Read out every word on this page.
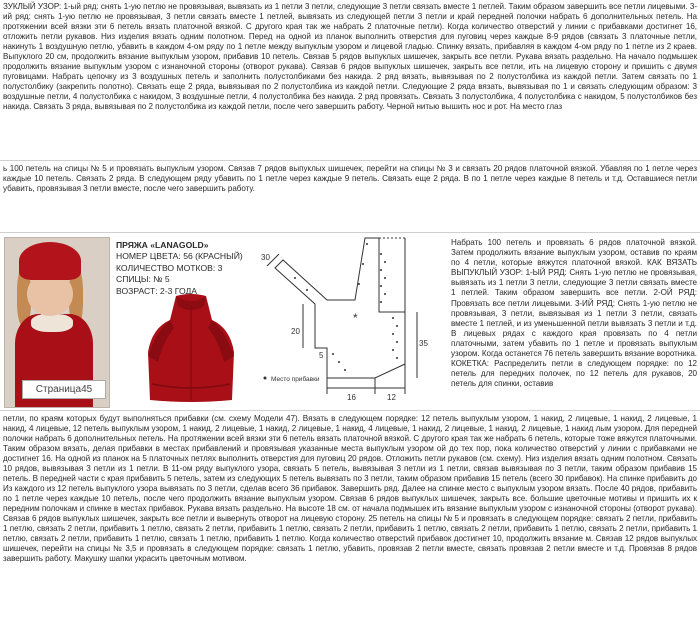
ЗУКЛЫЙ УЗОР: 1-ый ряд: снять 1-ую петлю не провязывая, вывязать из 1 петли 3 петли, следующие 3 петли связать вместе 1 петлей. Таким образом завершить все петли лицевыми. 3-ий ряд: снять 1-ую петлю не провязывая, 3 петли связать вместе 1 петлей, вывязать из следующей петли 3 петли и край передней полочки набрать 6 дополнительных петель. На протяжении всей вязки эти 6 петель вязать платочной вязкой. С другого края так же набрать 2 платочные петли). Когда количество отверстий у линии с прибавками достигнет 16, отложить петли рукавов. Низ изделия вязать одним полотном. Перед на одной из планок выполнить отверстия для пуговиц через каждые 8-9 рядов (связать 3 платочные петли, накинуть 1 воздушную петлю, убавить в каждом 4-ом ряду по 1 петле между выпуклым узором и лицевой гладью. Спинку вязать, прибавляя в каждом 4-ом ряду по 1 петле из 2 краев. Выпуклого 20 см, продолжить вязание выпуклым узором, прибавив 10 петель. Связав 5 рядов выпуклых шишечек, закрыть все петли. Рукава вязать раздельно. На начало подмышек продолжить вязание выпуклым узором с изнаночной стороны (отворот рукава). Связав 6 рядов выпуклых шишечек, закрыть все петли, ить на лицевую сторону и пришить с двумя пуговицами. Набрать цепочку из 3 воздушных петель и заполнить полустолбиками без накида. 2 ряд вязать, вывязывая по 2 полустолбика из каждой петли. Затем связать по 1 полустолбику (закрепить полотно). Связать еще 2 ряда, вывязывая по 2 полустолбика из каждой петли. Следующие 2 ряда вязать, вывязывая по 1 и связать следующим образом: 3 воздушные петли, 4 полустолбика с накидом, 3 воздушные петли, 4 полустолбика без накида. 2 ряд провязать. Связать 3 полустолбика, 4 полустолбика с накидом, 5 полустолбиков без накида. Связать 3 ряда, вывязывая по 2 полустолбика из каждой петли, после чего завершить работу. Черной нитью вышить нос и рот. На место глаз
ь 100 петель на спицы № 5 и провязать выпуклым узором. Связав 7 рядов выпуклых шишечек, перейти на спицы № 3 и связать 20 рядов платочной вязкой. Убавляя по 1 петле через каждые 10 петель. Связать 2 ряда. В следующем ряду убавить по 1 петле через каждые 9 петель. Связать еще 2 ряда. В по 1 петле через каждые 8 петель и т.д. Оставшиеся петли убавить, провязывая 3 петли вместе, после чего завершить работу.
Страница45
ПРЯЖА «LANAGOLD»
НОМЕР ЦВЕТА: 56 (КРАСНЫЙ)
КОЛИЧЕСТВО МОТКОВ: 3
СПИЦЫ: № 5
ВОЗРАСТ: 2-3 ГОДА
*
35
20
5
16	12
30
Место прибавки
Набрать 100 петель и провязать 6 рядов платочной вязкой. Затем продолжить вязание выпуклым узором, оставив по краям по 4 петли, которые вяжутся платочной вязкой. КАК ВЯЗАТЬ ВЫПУКЛЫЙ УЗОР: 1-ЫЙ РЯД: Снять 1-ую петлю не провязывая, вывязать из 1 петли 3 петли, следующие 3 петли связать вместе 1 петлей. Таким образом завершить все петли. 2-ОЙ РЯД: Провязать все петли лицевыми. 3-ИЙ РЯД: Снять 1-ую петлю не провязывая, 3 петли, вывязывая из 1 петли 3 петли, связать вместе 1 петлей, и из уменьшенной петли вывязать 3 петли и т.д. В лицевых рядах с каждого края провязать по 4 петли платочными, затем убавить по 1 петле и провязать выпуклым узором. Когда останется 76 петель завершить вязание воротника. КОКЕТКА: Распределить петли в следующем порядке: по 12 петель для передних полочек, по 12 петель для рукавов, 20 петель для спинки, оставив
петли, по краям которых будут выполняться прибавки (см. схему Модели 47). Вязать в следующем порядке: 12 петель выпуклым узором, 1 накид, 2 лицевые, 1 накид, 2 лицевые, 1 накид, 4 лицевые, 12 петель выпуклым узором, 1 накид, 2 лицевые, 1 накид, 2 лицевые, 1 накид, 4 лицевые, 1 накид, 2 лицевые, 1 накид, 2 лицевые, 1 накид лым узором. Для передней полочки набрать 6 дополнительных петель. На протяжении всей вязки эти 6 петель вязать платочной вязкой. С другого края так же набрать 6 петель, которые тоже вяжутся платочными. Таким образом вязать, делая прибавки в местах прибавлений и провязывая указанные места выпуклым узором ой до тех пор, пока количество отверстий у линии с прибавками не достигнет 16. На одной из планок на 5 платочных петлях выполнить отверстия для пуговиц 20 рядов. Отложить петли рукавов (см. схему). Низ изделия вязать одним полотном. Связать 10 рядов, вывязывая 3 петли из 1 петли. В 11-ом ряду выпуклого узора, связать 5 петель, вывязывая 3 петли из 1 петли, связав вывязывая по 3 петли, таким образом прибавив 15 петель. В передней части с края прибавить 5 петель, затем из следующих 5 петель вывязать по 3 петли, таким образом прибавив 15 петель (всего 30 прибавок). На спинке прибавить до Из каждого из 12 петель выпуклого узора вывязать по 3 петли, сделав всего 36 прибавок. Завершить ряд. Далее на спинке место с выпуклым узором вязать. После 40 рядов, прибавить по 1 петле через каждые 10 петель, после чего продолжить вязание выпуклым узором. Связав 6 рядов выпуклых шишечек, закрыть все. большие цветочные мотивы и пришить их к передним полочкам и спинке в местах прибавок. Рукава вязать раздельно. На высоте 18 см. от начала подмышек ить вязание выпуклым узором с изнаночной стороны (отворот рукава). Связав 6 рядов выпуклых шишечек, закрыть все петли и вывернуть отворот на лицевую сторону. 25 петель на спицы № 5 и провязать в следующем порядке: связать 2 петли, прибавить 1 петлю, связать 2 петли, прибавить 1 петлю, связать 2 петли, прибавить 1 петлю, связать 2 петли, прибавить 1 петлю, связать 2 петли, прибавить 1 петлю, связать 2 петли, прибавить 1 петлю, связать 2 петли, прибавить 1 петлю, связать 1 петлю, прибавить 1 петлю. Когда количество отверстий прибавок достигнет 10, продолжить вязание м. Связав 12 рядов выпуклых шишечек, перейти на спицы № 3,5 и провязать в следующем порядке: связать 1 петлю, убавить, провязав 2 петли вместе, связать провязав 2 петли вместе и т.д. Провязав 8 рядов завершить работу. Макушку шапки украсить цветочным мотивом.
